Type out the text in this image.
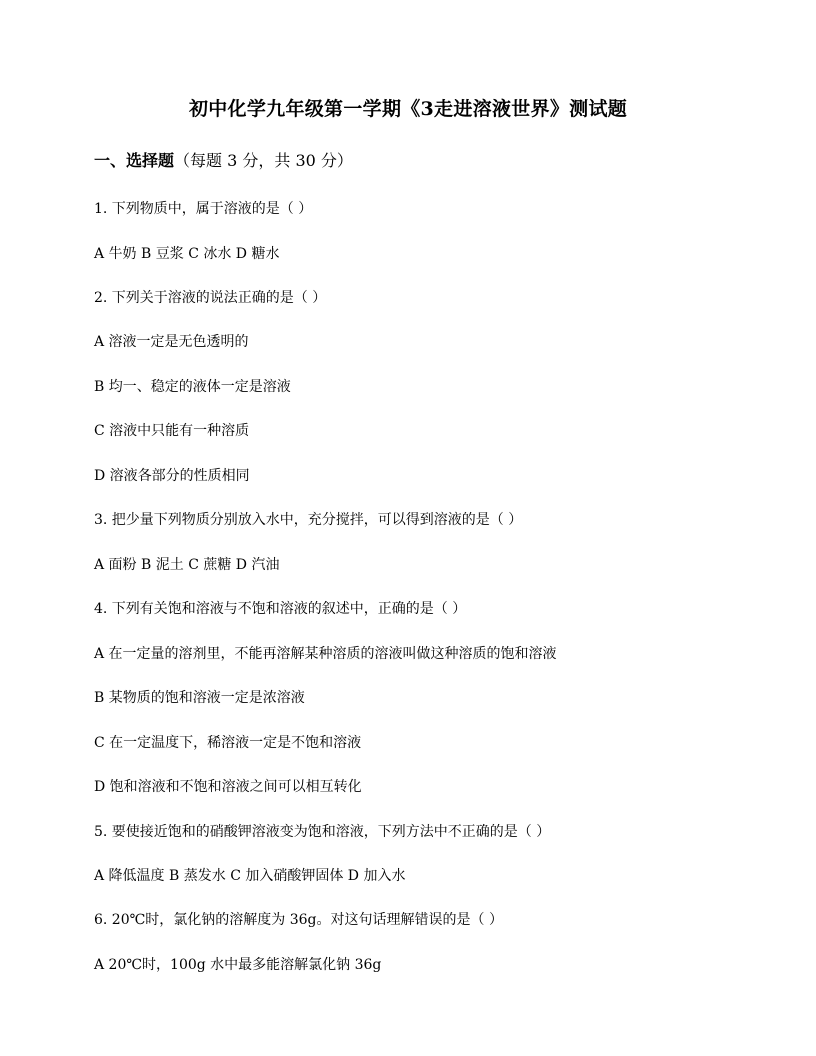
初中化学九年级第一学期《3走进溶液世界》测试题
一、选择题（每题 3 分，共 30 分）
1. 下列物质中，属于溶液的是（ ）
A 牛奶 B 豆浆 C 冰水 D 糖水
2. 下列关于溶液的说法正确的是（ ）
A 溶液一定是无色透明的
B 均一、稳定的液体一定是溶液
C 溶液中只能有一种溶质
D 溶液各部分的性质相同
3. 把少量下列物质分别放入水中，充分搅拌，可以得到溶液的是（ ）
A 面粉 B 泥土 C 蔗糖 D 汽油
4. 下列有关饱和溶液与不饱和溶液的叙述中，正确的是（ ）
A 在一定量的溶剂里，不能再溶解某种溶质的溶液叫做这种溶质的饱和溶液
B 某物质的饱和溶液一定是浓溶液
C 在一定温度下，稀溶液一定是不饱和溶液
D 饱和溶液和不饱和溶液之间可以相互转化
5. 要使接近饱和的硝酸钾溶液变为饱和溶液，下列方法中不正确的是（ ）
A 降低温度 B 蒸发水 C 加入硝酸钾固体 D 加入水
6. 20℃时，氯化钠的溶解度为 36g。对这句话理解错误的是（ ）
A 20℃时，100g 水中最多能溶解氯化钠 36g
